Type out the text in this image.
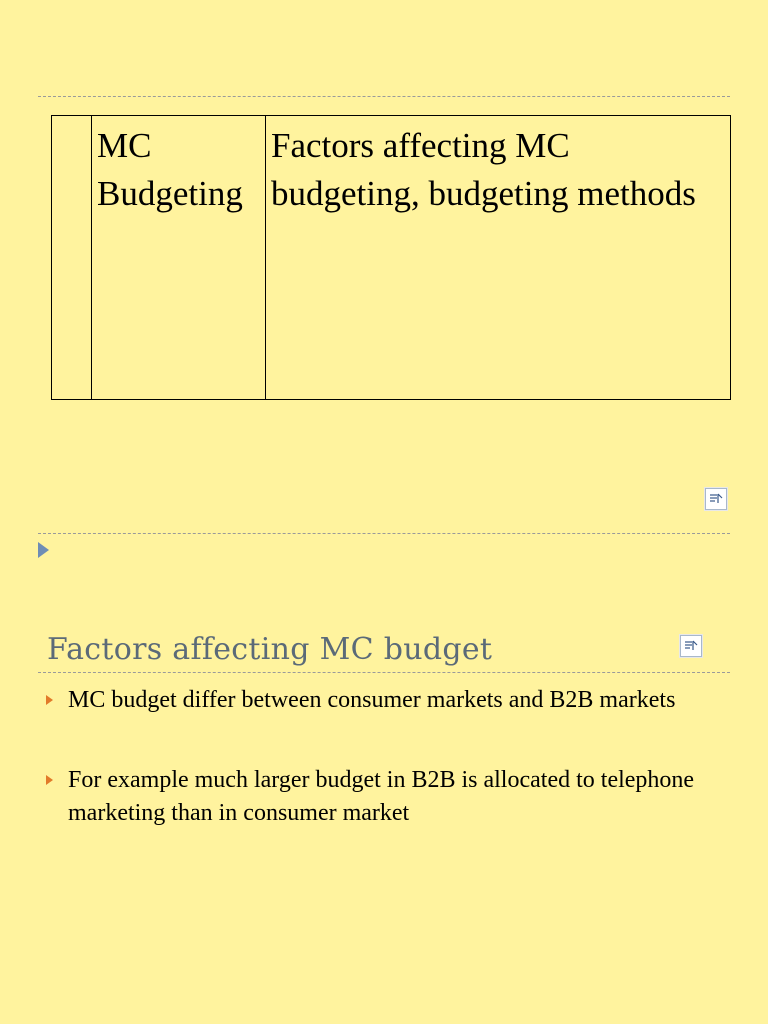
	MC Budgeting	Factors affecting MC budgeting, budgeting methods
Factors affecting MC budget
MC budget differ between consumer markets and B2B markets
For example much larger budget in B2B is allocated to telephone marketing than in consumer market
